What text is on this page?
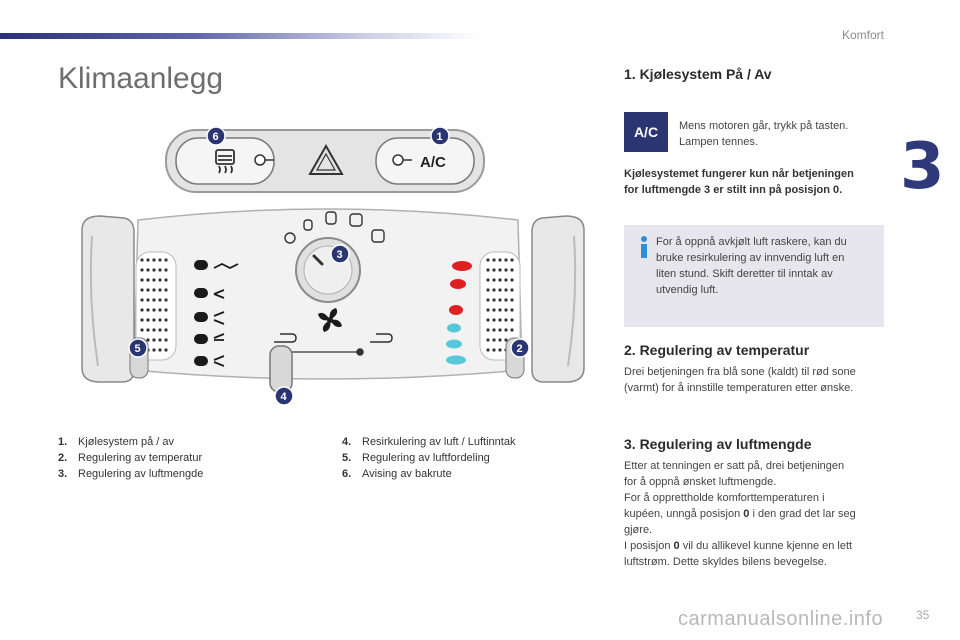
Komfort
3
Klimaanlegg
A/C
6	1
3
5	2
4
1. Kjølesystem på / av
2. Regulering av temperatur
3. Regulering av luftmengde
4. Resirkulering av luft / Luftinntak
5. Regulering av luftfordeling
6. Avising av bakrute
1. Kjølesystem På / Av
A/C	Mens motoren går, trykk på tasten.
Lampen tennes.
Kjølesystemet fungerer kun når betjeningen
for luftmengde 3 er stilt inn på posisjon 0.
For å oppnå avkjølt luft raskere, kan du
bruke resirkulering av innvendig luft en
liten stund. Skift deretter til inntak av
utvendig luft.
2. Regulering av temperatur
Drei betjeningen fra blå sone (kaldt) til rød sone
(varmt) for å innstille temperaturen etter ønske.
3. Regulering av luftmengde
Etter at tenningen er satt på, drei betjeningen
for å oppnå ønsket luftmengde.
For å opprettholde komforttemperaturen i
kupéen, unngå posisjon 0 i den grad det lar seg
gjøre.
I posisjon 0 vil du allikevel kunne kjenne en lett
luftstrøm. Dette skyldes bilens bevegelse.
carmanualsonline.info	35
